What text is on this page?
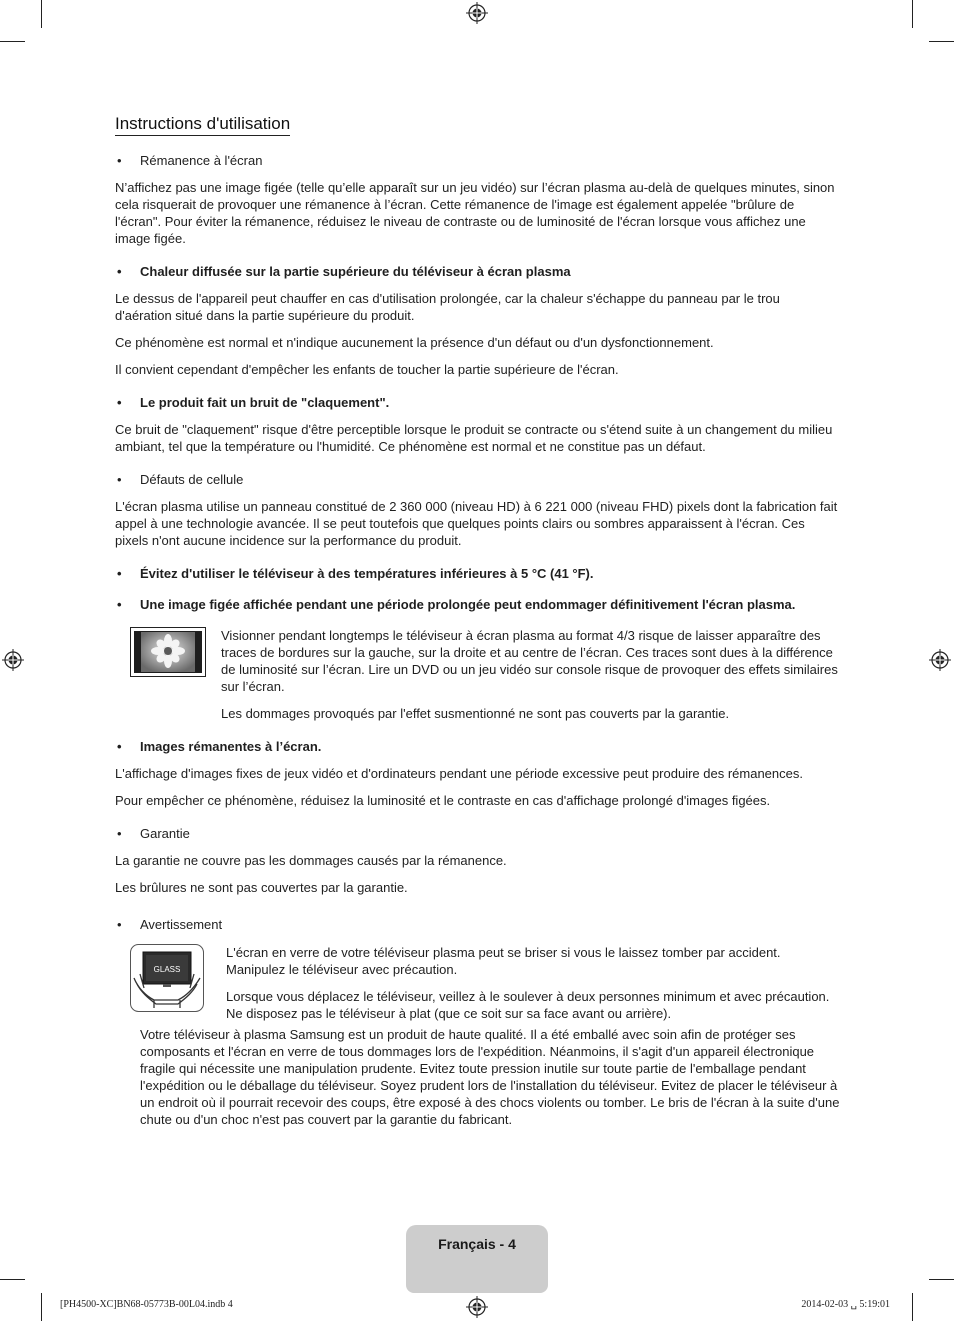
Instructions d'utilisation
• Rémanence à l'écran
N’affichez pas une image figée (telle qu’elle apparaît sur un jeu vidéo) sur l’écran plasma au-delà de quelques minutes, sinon cela risquerait de provoquer une rémanence à l’écran. Cette rémanence de l'image est également appelée "brûlure de l'écran". Pour éviter la rémanence, réduisez le niveau de contraste ou de luminosité de l'écran lorsque vous affichez une image figée.
• Chaleur diffusée sur la partie supérieure du téléviseur à écran plasma
Le dessus de l'appareil peut chauffer en cas d'utilisation prolongée, car la chaleur s'échappe du panneau par le trou d'aération situé dans la partie supérieure du produit.
Ce phénomène est normal et n'indique aucunement la présence d'un défaut ou d'un dysfonctionnement.
Il convient cependant d'empêcher les enfants de toucher la partie supérieure de l'écran.
• Le produit fait un bruit de "claquement".
Ce bruit de "claquement" risque d'être perceptible lorsque le produit se contracte ou s'étend suite à un changement du milieu ambiant, tel que la température ou l'humidité. Ce phénomène est normal et ne constitue pas un défaut.
• Défauts de cellule
L'écran plasma utilise un panneau constitué de 2 360 000 (niveau HD) à 6 221 000 (niveau FHD) pixels dont la fabrication fait appel à une technologie avancée. Il se peut toutefois que quelques points clairs ou sombres apparaissent à l'écran. Ces pixels n'ont aucune incidence sur la performance du produit.
• Évitez d'utiliser le téléviseur à des températures inférieures à 5 °C (41 °F).
• Une image figée affichée pendant une période prolongée peut endommager définitivement l'écran plasma.
Visionner pendant longtemps le téléviseur à écran plasma au format 4/3 risque de laisser apparaître des traces de bordures sur la gauche, sur la droite et au centre de l’écran. Ces traces sont dues à la différence de luminosité sur l’écran. Lire un DVD ou un jeu vidéo sur console risque de provoquer des effets similaires sur l’écran.
Les dommages provoqués par l'effet susmentionné ne sont pas couverts par la garantie.
• Images rémanentes à l’écran.
L'affichage d'images fixes de jeux vidéo et d'ordinateurs pendant une période excessive peut produire des rémanences.
Pour empêcher ce phénomène, réduisez la luminosité et le contraste en cas d'affichage prolongé d'images figées.
• Garantie
La garantie ne couvre pas les dommages causés par la rémanence.
Les brûlures ne sont pas couvertes par la garantie.
• Avertissement
GLASS
L'écran en verre de votre téléviseur plasma peut se briser si vous le laissez tomber par accident. Manipulez le téléviseur avec précaution.
Lorsque vous déplacez le téléviseur, veillez à le soulever à deux personnes minimum et avec précaution. Ne disposez pas le téléviseur à plat (que ce soit sur sa face avant ou arrière).
Votre téléviseur à plasma Samsung est un produit de haute qualité. Il a été emballé avec soin afin de protéger ses composants et l'écran en verre de tous dommages lors de l'expédition. Néanmoins, il s'agit d'un appareil électronique fragile qui nécessite une manipulation prudente. Evitez toute pression inutile sur toute partie de l'emballage pendant l'expédition ou le déballage du téléviseur. Soyez prudent lors de l'installation du téléviseur. Evitez de placer le téléviseur à un endroit où il pourrait recevoir des coups, être exposé à des chocs violents ou tomber. Le bris de l'écran à la suite d'une chute ou d'un choc n'est pas couvert par la garantie du fabricant.
Français - 4
[PH4500-XC]BN68-05773B-00L04.indb 4	2014-02-03 ␣ 5:19:01
